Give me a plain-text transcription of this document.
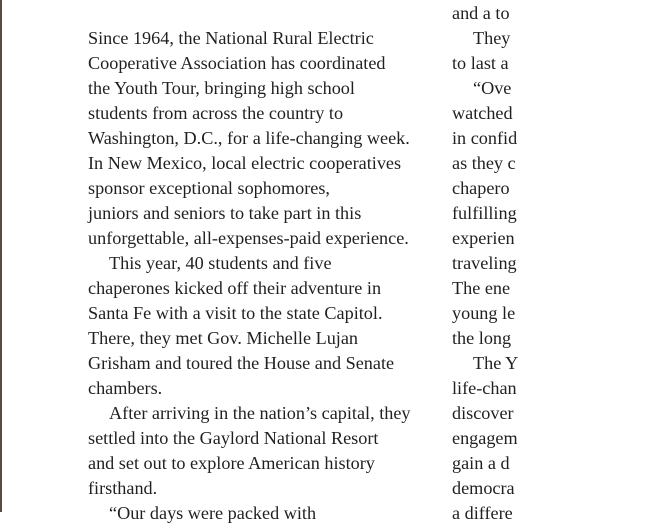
Since 1964, the National Rural Electric
Cooperative Association has coordinated
the Youth Tour, bringing high school
students from across the country to
Washington, D.C., for a life-changing week.
In New Mexico, local electric cooperatives
sponsor exceptional sophomores,
juniors and seniors to take part in this
unforgettable, all-expenses-paid experience.
This year, 40 students and five
chaperones kicked off their adventure in
Santa Fe with a visit to the state Capitol.
There, they met Gov. Michelle Lujan
Grisham and toured the House and Senate
chambers.
After arriving in the nation’s capital, they
settled into the Gaylord National Resort
and set out to explore American history
firsthand.
“Our days were packed with
and a to
They
to last a
“Ove
watched
in confid
as they c
chapero
fulfilling
experien
traveling
The ene
young le
the long
The Y
life-chan
discover
engagem
gain a d
democra
a differe
